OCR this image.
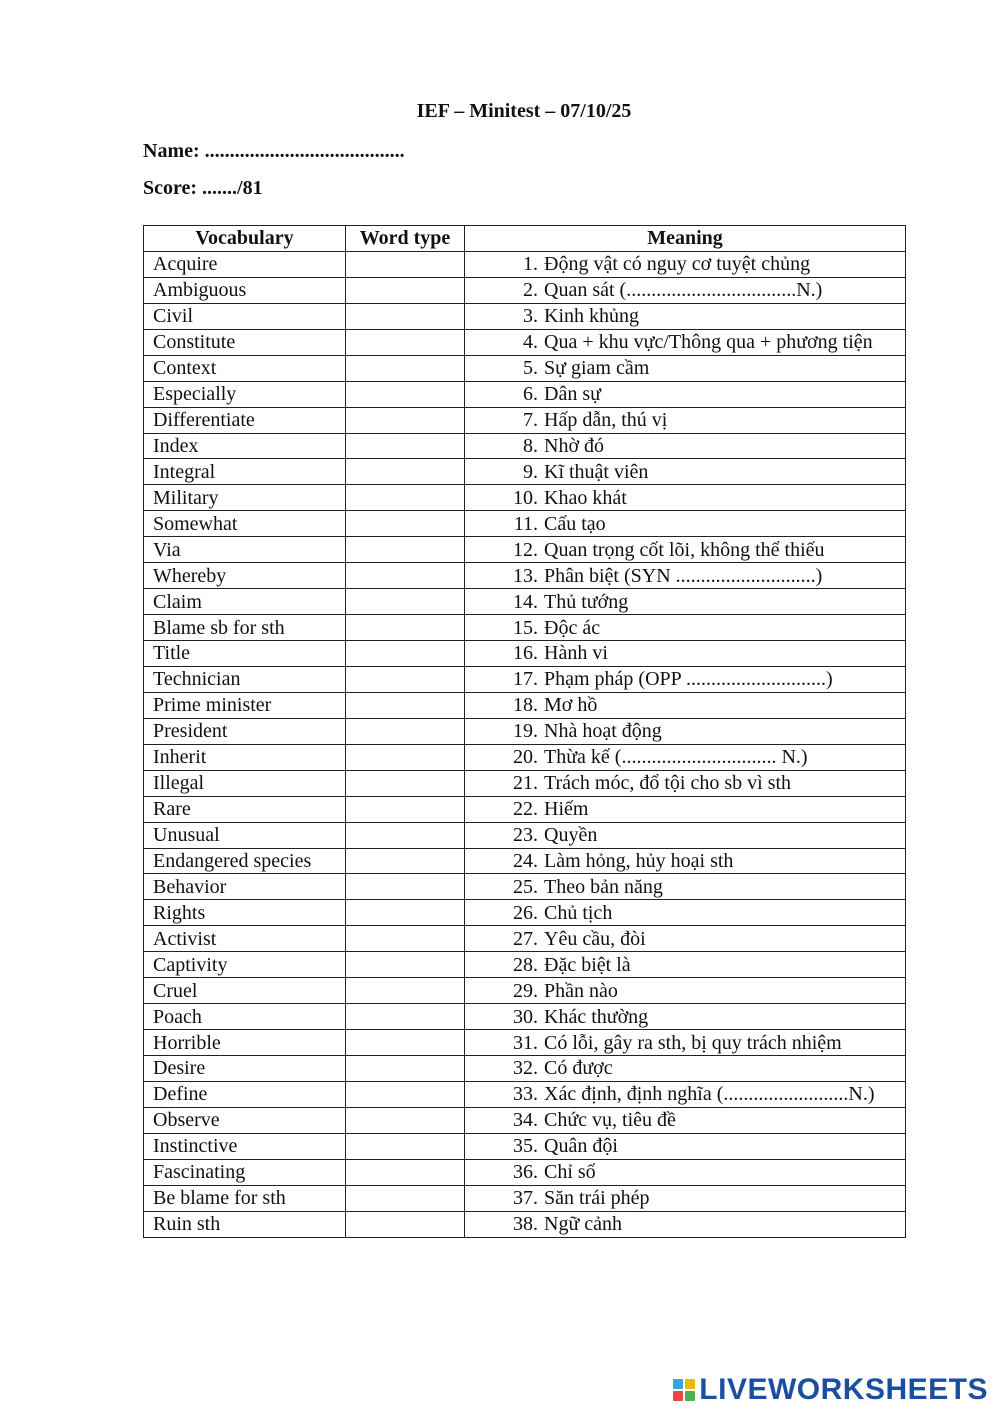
IEF – Minitest – 07/10/25
Name: ........................................
Score: ......./81
Vocabulary	Word type	Meaning
Acquire		1. Động vật có nguy cơ tuyệt chủng
Ambiguous		2. Quan sát (..................................N.)
Civil		3. Kinh khủng
Constitute		4. Qua + khu vực/Thông qua + phương tiện
Context		5. Sự giam cầm
Especially		6. Dân sự
Differentiate		7. Hấp dẫn, thú vị
Index		8. Nhờ đó
Integral		9. Kĩ thuật viên
Military		10. Khao khát
Somewhat		11. Cấu tạo
Via		12. Quan trọng cốt lõi, không thể thiếu
Whereby		13. Phân biệt (SYN ............................)
Claim		14. Thủ tướng
Blame sb for sth		15. Độc ác
Title		16. Hành vi
Technician		17. Phạm pháp (OPP ............................)
Prime minister		18. Mơ hồ
President		19. Nhà hoạt động
Inherit		20. Thừa kế (............................... N.)
Illegal		21. Trách móc, đổ tội cho sb vì sth
Rare		22. Hiếm
Unusual		23. Quyền
Endangered species		24. Làm hỏng, hủy hoại sth
Behavior		25. Theo bản năng
Rights		26. Chủ tịch
Activist		27. Yêu cầu, đòi
Captivity		28. Đặc biệt là
Cruel		29. Phần nào
Poach		30. Khác thường
Horrible		31. Có lỗi, gây ra sth, bị quy trách nhiệm
Desire		32. Có được
Define		33. Xác định, định nghĩa (.........................N.)
Observe		34. Chức vụ, tiêu đề
Instinctive		35. Quân đội
Fascinating		36. Chỉ số
Be blame for sth		37. Săn trái phép
Ruin sth		38. Ngữ cảnh
LIVEWORKSHEETS
